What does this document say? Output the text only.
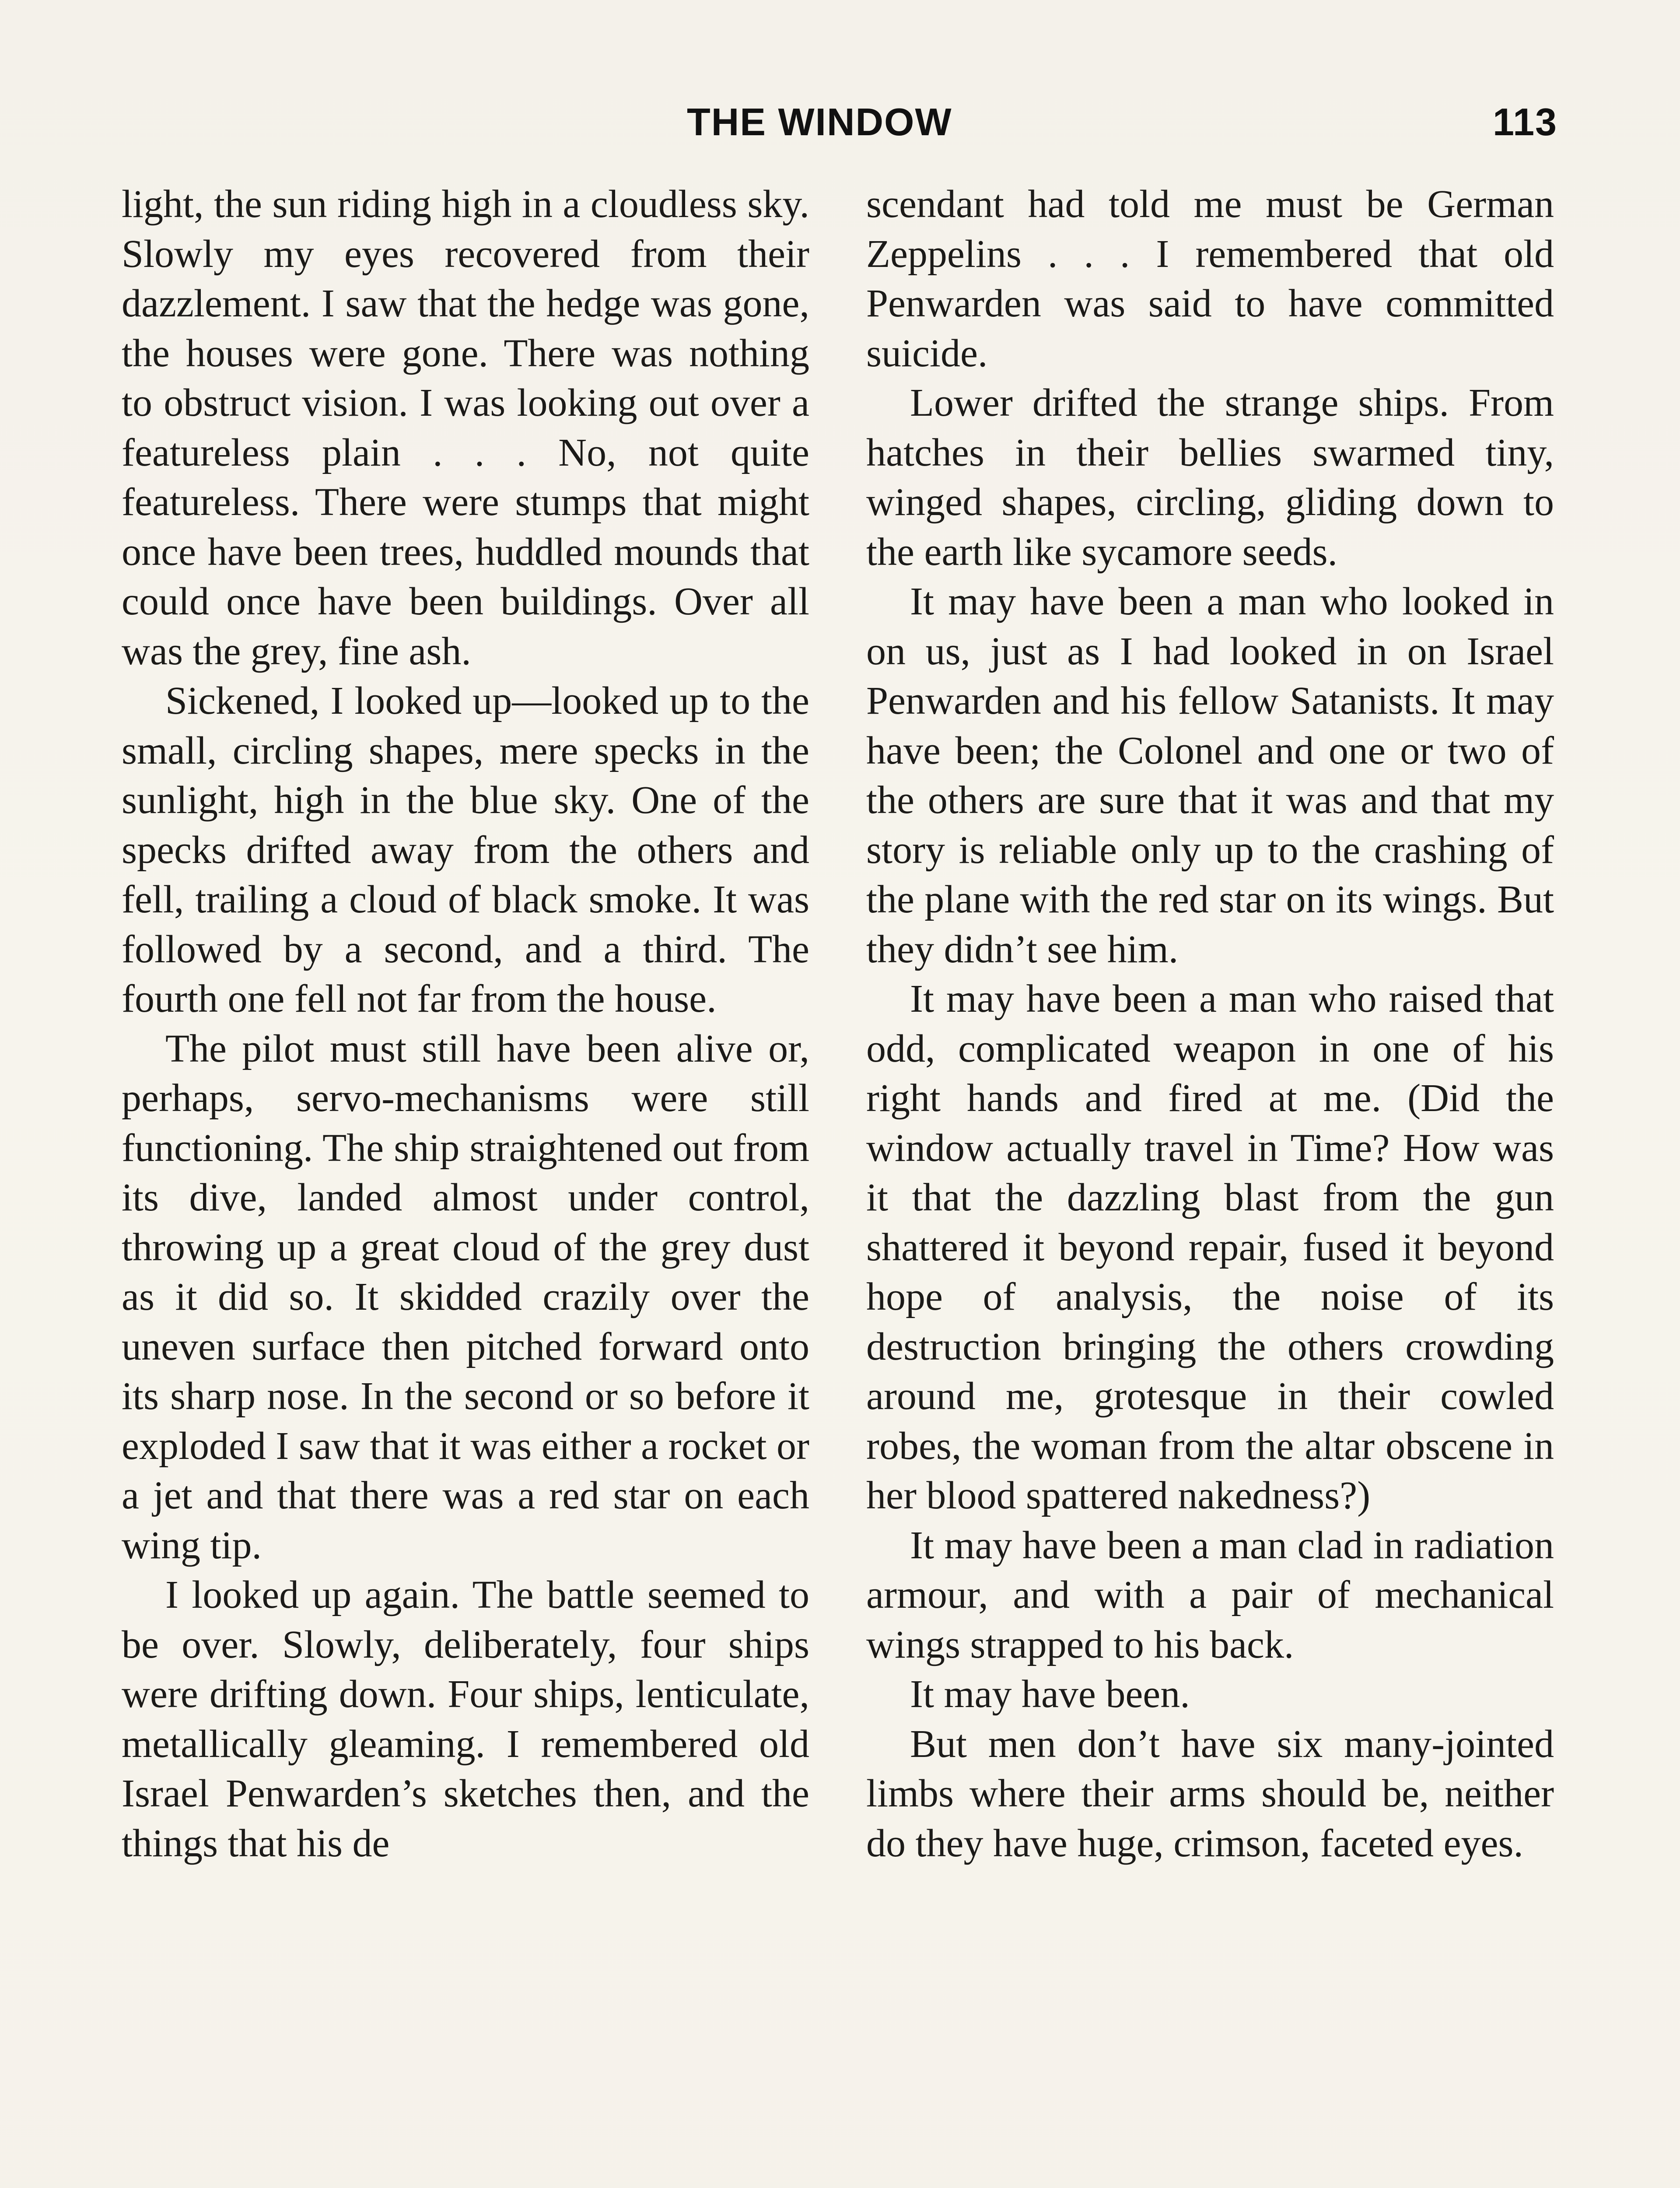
THE WINDOW	113

light, the sun riding high in a cloudless sky. Slowly my eyes recovered from their dazzlement. I saw that the hedge was gone, the houses were gone. There was nothing to obstruct vision. I was looking out over a featureless plain . . . No, not quite featureless. There were stumps that might once have been trees, huddled mounds that could once have been buildings. Over all was the grey, fine ash.

Sickened, I looked up—looked up to the small, circling shapes, mere specks in the sunlight, high in the blue sky. One of the specks drifted away from the others and fell, trailing a cloud of black smoke. It was followed by a second, and a third. The fourth one fell not far from the house.

The pilot must still have been alive or, perhaps, servo-mechanisms were still functioning. The ship straightened out from its dive, landed almost under control, throwing up a great cloud of the grey dust as it did so. It skidded crazily over the uneven surface then pitched forward onto its sharp nose. In the second or so before it exploded I saw that it was either a rocket or a jet and that there was a red star on each wing tip.

I looked up again. The battle seemed to be over. Slowly, deliberately, four ships were drifting down. Four ships, lenticulate, metallically gleaming. I remembered old Israel Penwarden’s sketches then, and the things that his de

scendant had told me must be German Zeppelins . . . I remembered that old Penwarden was said to have committed suicide.

Lower drifted the strange ships. From hatches in their bellies swarmed tiny, winged shapes, circling, gliding down to the earth like sycamore seeds.

It may have been a man who looked in on us, just as I had looked in on Israel Penwarden and his fellow Satanists. It may have been; the Colonel and one or two of the others are sure that it was and that my story is reliable only up to the crashing of the plane with the red star on its wings. But they didn’t see him.

It may have been a man who raised that odd, complicated weapon in one of his right hands and fired at me. (Did the window actually travel in Time? How was it that the dazzling blast from the gun shattered it beyond repair, fused it beyond hope of analysis, the noise of its destruction bringing the others crowding around me, grotesque in their cowled robes, the woman from the altar obscene in her blood spattered nakedness?)

It may have been a man clad in radiation armour, and with a pair of mechanical wings strapped to his back.

It may have been.

But men don’t have six many-jointed limbs where their arms should be, neither do they have huge, crimson, faceted eyes.
